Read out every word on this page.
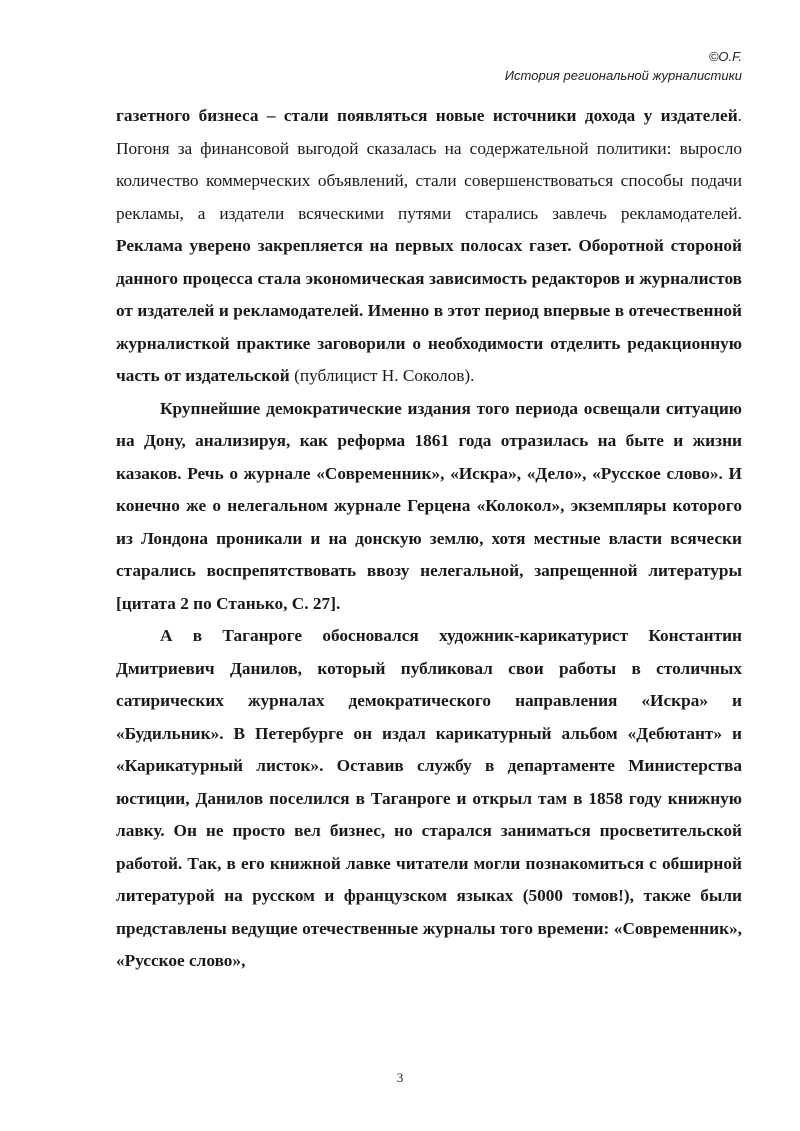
©O.F.
История региональной журналистики

газетного бизнеса – стали появляться новые источники дохода у издателей. Погоня за финансовой выгодой сказалась на содержательной политики: выросло количество коммерческих объявлений, стали совершенствоваться способы подачи рекламы, а издатели всяческими путями старались завлечь рекламодателей. Реклама уверено закрепляется на первых полосах газет. Оборотной стороной данного процесса стала экономическая зависимость редакторов и журналистов от издателей и рекламодателей. Именно в этот период впервые в отечественной журналисткой практике заговорили о необходимости отделить редакционную часть от издательской (публицист Н. Соколов).

Крупнейшие демократические издания того периода освещали ситуацию на Дону, анализируя, как реформа 1861 года отразилась на быте и жизни казаков. Речь о журнале «Современник», «Искра», «Дело», «Русское слово». И конечно же о нелегальном журнале Герцена «Колокол», экземпляры которого из Лондона проникали и на донскую землю, хотя местные власти всячески старались воспрепятствовать ввозу нелегальной, запрещенной литературы [цитата 2 по Станько, С. 27].

А в Таганроге обосновался художник-карикатурист Константин Дмитриевич Данилов, который публиковал свои работы в столичных сатирических журналах демократического направления «Искра» и «Будильник». В Петербурге он издал карикатурный альбом «Дебютант» и «Карикатурный листок». Оставив службу в департаменте Министерства юстиции, Данилов поселился в Таганроге и открыл там в 1858 году книжную лавку. Он не просто вел бизнес, но старался заниматься просветительской работой. Так, в его книжной лавке читатели могли познакомиться с обширной литературой на русском и французском языках (5000 томов!), также были представлены ведущие отечественные журналы того времени: «Современник», «Русское слово»,

3
